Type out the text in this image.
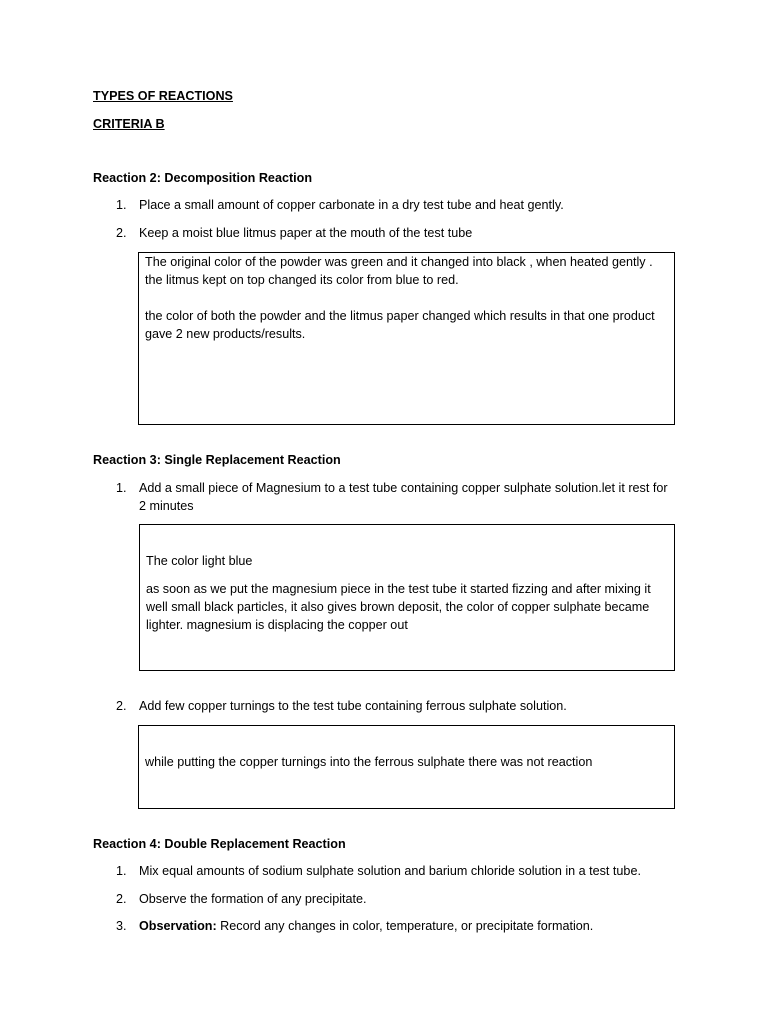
TYPES OF REACTIONS

CRITERIA B

Reaction 2: Decomposition Reaction

1. Place a small amount of copper carbonate in a dry test tube and heat gently.
2. Keep a moist blue litmus paper at the mouth of the test tube

The original color of the powder was green and it changed into black , when heated gently . the litmus kept on top changed its color from blue to red.

the color of both the powder and the litmus paper changed which results in that one product gave 2 new products/results.

Reaction 3: Single Replacement Reaction

1. Add a small piece of Magnesium to a test tube containing copper sulphate solution.let it rest for 2 minutes

The color light blue

as soon as we put the magnesium piece in the test tube it started fizzing and after mixing it well small black particles, it also gives brown deposit, the color of copper sulphate became lighter. magnesium is displacing the copper out

2. Add few copper turnings to the test tube containing ferrous sulphate solution.

while putting the copper turnings into the ferrous sulphate there was not reaction

Reaction 4: Double Replacement Reaction

1. Mix equal amounts of sodium sulphate solution and barium chloride solution in a test tube.
2. Observe the formation of any precipitate.
3. Observation: Record any changes in color, temperature, or precipitate formation.
